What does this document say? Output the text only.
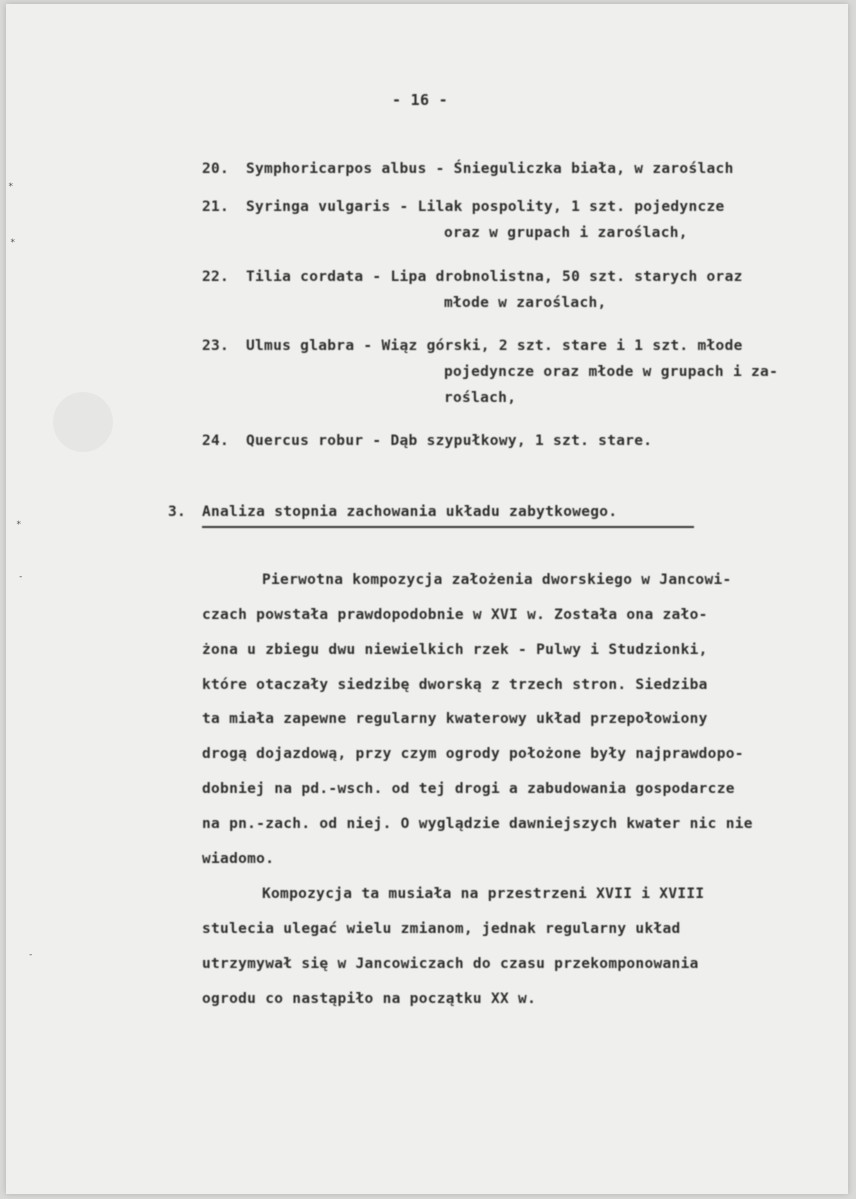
- 16 -

20.	Symphoricarpos albus - Śnieguliczka biała, w zaroślach

21.	Syringa vulgaris - Lilak pospolity, 1 szt. pojedyncze

oraz w grupach i zaroślach,

22.	Tilia cordata - Lipa drobnolistna, 50 szt. starych oraz

młode w zaroślach,

23.	Ulmus glabra - Wiąz górski, 2 szt. stare i 1 szt. młode

pojedyncze oraz młode w grupach i za-

roślach,

24.	Quercus robur - Dąb szypułkowy, 1 szt. stare.

3. Analiza stopnia zachowania układu zabytkowego.

Pierwotna kompozycja założenia dworskiego w Jancowi-

czach powstała prawdopodobnie w XVI w. Została ona zało-

żona u zbiegu dwu niewielkich rzek - Pulwy i Studzionki,

które otaczały siedzibę dworską z trzech stron. Siedziba

ta miała zapewne regularny kwaterowy układ przepołowiony

drogą dojazdową, przy czym ogrody położone były najprawdopo-

dobniej na pd.-wsch. od tej drogi a zabudowania gospodarcze

na pn.-zach. od niej. O wyglądzie dawniejszych kwater nic nie

wiadomo.

Kompozycja ta musiała na przestrzeni XVII i XVIII

stulecia ulegać wielu zmianom, jednak regularny układ

utrzymywał się w Jancowiczach do czasu przekomponowania

ogrodu co nastąpiło na początku XX w.

*
*
*
-
-
